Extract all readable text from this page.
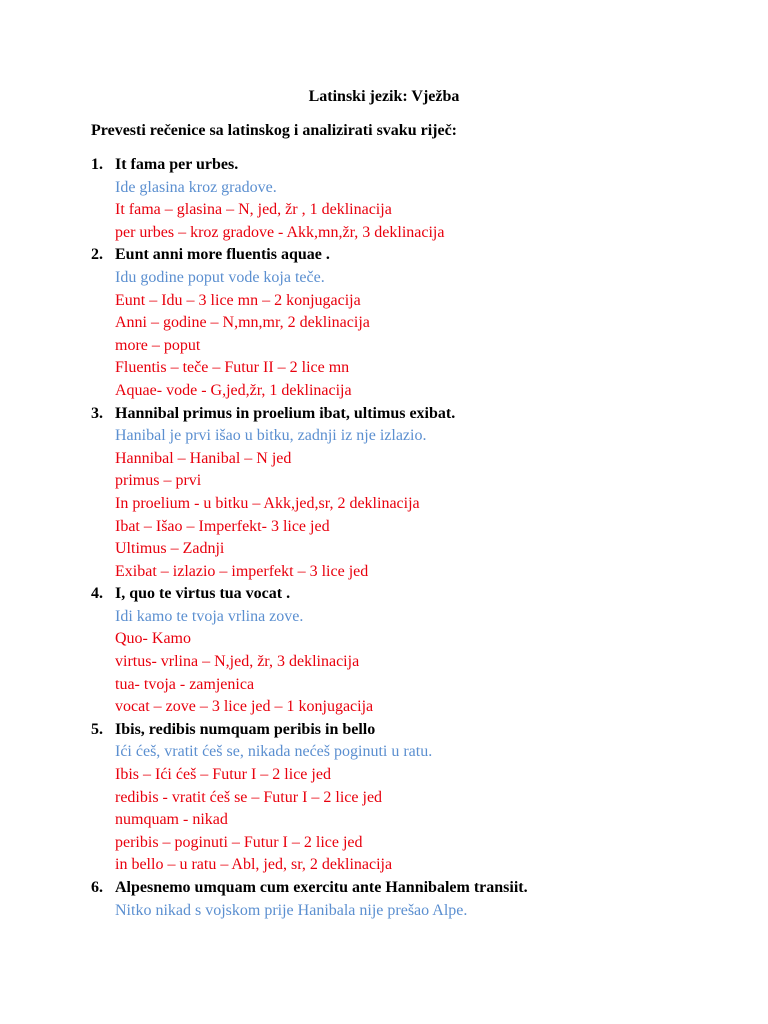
Latinski jezik: Vježba
Prevesti rečenice sa latinskog i analizirati svaku riječ:
1. It fama per urbes.
Ide glasina kroz gradove.
It fama – glasina – N, jed, žr , 1 deklinacija
per urbes – kroz gradove - Akk,mn,žr, 3 deklinacija
2. Eunt anni more fluentis aquae .
Idu godine poput vode koja teče.
Eunt – Idu – 3 lice mn – 2 konjugacija
Anni – godine – N,mn,mr, 2 deklinacija
more – poput
Fluentis – teče – Futur II – 2 lice mn
Aquae- vode - G,jed,žr, 1 deklinacija
3. Hannibal primus in proelium ibat, ultimus exibat.
Hanibal je prvi išao u bitku, zadnji iz nje izlazio.
Hannibal – Hanibal – N jed
primus – prvi
In proelium - u bitku – Akk,jed,sr, 2 deklinacija
Ibat – Išao – Imperfekt- 3 lice jed
Ultimus – Zadnji
Exibat – izlazio – imperfekt – 3 lice jed
4. I, quo te virtus tua vocat .
Idi kamo te tvoja vrlina zove.
Quo- Kamo
virtus- vrlina – N,jed, žr, 3 deklinacija
tua- tvoja - zamjenica
vocat – zove – 3 lice jed – 1 konjugacija
5. Ibis, redibis numquam peribis in bello
Ići ćeš, vratit ćeš se, nikada nećeš poginuti u ratu.
Ibis – Ići ćeš – Futur I – 2 lice jed
redibis - vratit ćeš se – Futur I – 2 lice jed
numquam - nikad
peribis – poginuti – Futur I – 2 lice jed
in bello – u ratu – Abl, jed, sr, 2 deklinacija
6. Alpesnemo umquam cum exercitu ante Hannibalem transiit.
Nitko nikad s vojskom prije Hanibala nije prešao Alpe.
